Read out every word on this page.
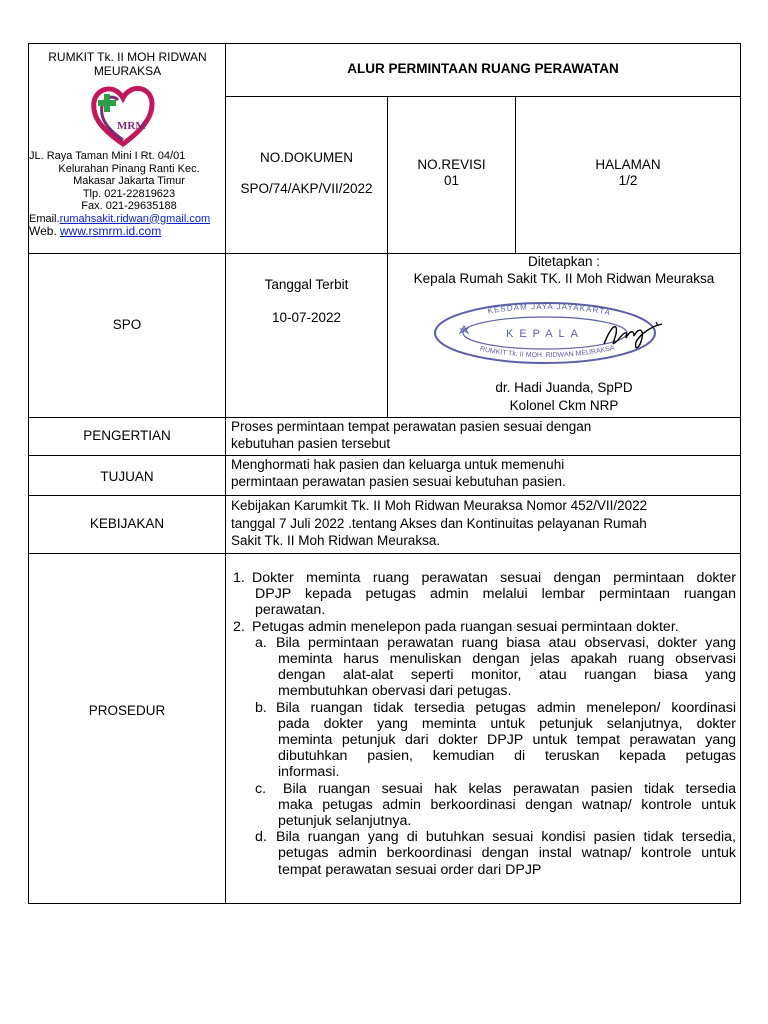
RUMKIT Tk. II MOH RIDWAN MEURAKSA
MRM
JL. Raya Taman Mini I Rt. 04/01

Kelurahan Pinang Ranti Kec.
Makasar Jakarta Timur
Tlp. 021-22819623
Fax. 021-29635188
Email.rumahsakit.ridwan@gmail.com
Web. www.rsmrm.id.com
ALUR PERMINTAAN RUANG PERAWATAN
NO.DOKUMEN
SPO/74/AKP/VII/2022
NO.REVISI
01
HALAMAN
1/2
SPO
Tanggal Terbit
10-07-2022
Ditetapkan :
Kepala Rumah Sakit TK. II Moh Ridwan Meuraksa
KESDAM JAYA JAYAKARTA
RUMKIT Tk. II MOH. RIDWAN MEURAKSA
KEPALA
dr. Hadi Juanda, SpPD
Kolonel Ckm NRP
PENGERTIAN
Proses permintaan tempat perawatan pasien sesuai dengan
kebutuhan pasien tersebut
TUJUAN
Menghormati hak pasien dan keluarga untuk memenuhi
permintaan perawatan pasien sesuai kebutuhan pasien.
KEBIJAKAN
Kebijakan Karumkit Tk. II Moh Ridwan Meuraksa Nomor 452/VII/2022
tanggal 7 Juli 2022 .tentang Akses dan Kontinuitas pelayanan Rumah
Sakit Tk. II Moh Ridwan Meuraksa.
PROSEDUR
1. Dokter meminta ruang perawatan sesuai dengan permintaan dokter
DPJP kepada petugas admin melalui lembar permintaan ruangan
perawatan.
2. Petugas admin menelepon pada ruangan sesuai permintaan dokter.
a. Bila permintaan perawatan ruang biasa atau observasi, dokter yang
meminta harus menuliskan dengan jelas apakah ruang observasi
dengan alat-alat seperti monitor, atau ruangan biasa yang
membutuhkan obervasi dari petugas.
b. Bila ruangan tidak tersedia petugas admin menelepon/ koordinasi
pada dokter yang meminta untuk petunjuk selanjutnya, dokter
meminta petunjuk dari dokter DPJP untuk tempat perawatan yang
dibutuhkan pasien, kemudian di teruskan kepada petugas
informasi.
c. Bila ruangan sesuai hak kelas perawatan pasien tidak tersedia
maka petugas admin berkoordinasi dengan watnap/ kontrole untuk
petunjuk selanjutnya.
d. Bila ruangan yang di butuhkan sesuai kondisi pasien tidak tersedia,
petugas admin berkoordinasi dengan instal watnap/ kontrole untuk
tempat perawatan sesuai order dari DPJP
